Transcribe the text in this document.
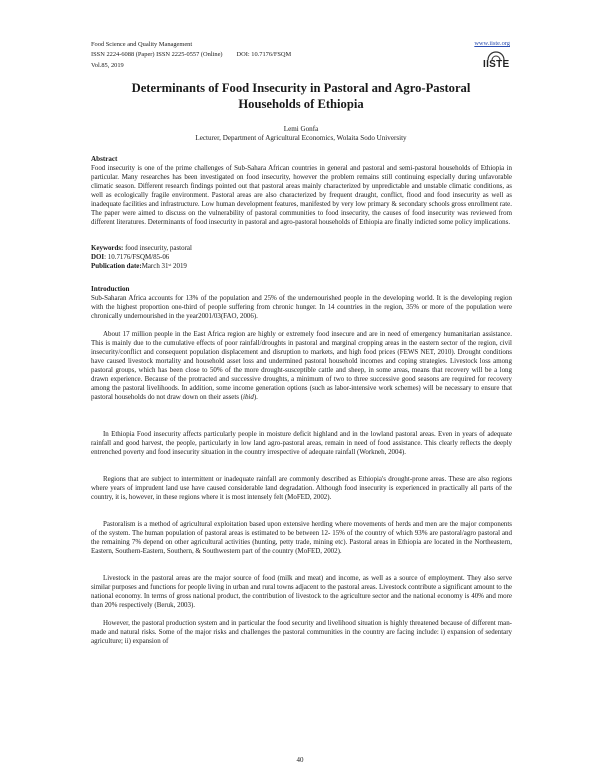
Food Science and Quality Management
ISSN 2224-6088 (Paper) ISSN 2225-0557 (Online) DOI: 10.7176/FSQM
Vol.85, 2019
www.iiste.org
IISTE
Determinants of Food Insecurity in Pastoral and Agro-Pastoral
Households of Ethiopia
Lemi Gonfa
Lecturer, Department of Agricultural Economics, Wolaita Sodo University
Abstract

Food insecurity is one of the prime challenges of Sub-Sahara African countries in general and pastoral and semi-pastoral households of Ethiopia in particular. Many researches has been investigated on food insecurity, however the problem remains still continuing especially during unfavorable climatic season. Different research findings pointed out that pastoral areas mainly characterized by unpredictable and unstable climatic conditions, as well as ecologically fragile environment. Pastoral areas are also characterized by frequent draught, conflict, flood and food insecurity as well as inadequate facilities and infrastructure. Low human development features, manifested by very low primary & secondary schools gross enrollment rate. The paper were aimed to discuss on the vulnerability of pastoral communities to food insecurity, the causes of food insecurity was reviewed from different literatures. Determinants of food insecurity in pastoral and agro-pastoral households of Ethiopia are finally indicted some policy implications.

Keywords: food insecurity, pastoral
DOI: 10.7176/FSQM/85-06
Publication date:March 31ˢᵗ 2019
Introduction

Sub-Saharan Africa accounts for 13% of the population and 25% of the undernourished people in the developing world. It is the developing region with the highest proportion one-third of people suffering from chronic hunger. In 14 countries in the region, 35% or more of the population were chronically undernourished in the year2001/03(FAO, 2006).

About 17 million people in the East Africa region are highly or extremely food insecure and are in need of emergency humanitarian assistance. This is mainly due to the cumulative effects of poor rainfall/droughts in pastoral and marginal cropping areas in the eastern sector of the region, civil insecurity/conflict and consequent population displacement and disruption to markets, and high food prices (FEWS NET, 2010). Drought conditions have caused livestock mortality and household asset loss and undermined pastoral household incomes and coping strategies. Livestock loss among pastoral groups, which has been close to 50% of the more drought-susceptible cattle and sheep, in some areas, means that recovery will be a long drawn experience. Because of the protracted and successive droughts, a minimum of two to three successive good seasons are required for recovery among the pastoral livelihoods. In addition, some income generation options (such as labor-intensive work schemes) will be necessary to ensure that pastoral households do not draw down on their assets (ibid).

In Ethiopia Food insecurity affects particularly people in moisture deficit highland and in the lowland pastoral areas. Even in years of adequate rainfall and good harvest, the people, particularly in low land agro-pastoral areas, remain in need of food assistance. This clearly reflects the deeply entrenched poverty and food insecurity situation in the country irrespective of adequate rainfall (Workneh, 2004).

Regions that are subject to intermittent or inadequate rainfall are commonly described as Ethiopia's drought-prone areas. These are also regions where years of imprudent land use have caused considerable land degradation. Although food insecurity is experienced in practically all parts of the country, it is, however, in these regions where it is most intensely felt (MoFED, 2002).

Pastoralism is a method of agricultural exploitation based upon extensive herding where movements of herds and men are the major components of the system. The human population of pastoral areas is estimated to be between 12- 15% of the country of which 93% are pastoral/agro pastoral and the remaining 7% depend on other agricultural activities (hunting, petty trade, mining etc). Pastoral areas in Ethiopia are located in the Northeastern, Eastern, Southern-Eastern, Southern, & Southwestern part of the country (MoFED, 2002).

Livestock in the pastoral areas are the major source of food (milk and meat) and income, as well as a source of employment. They also serve similar purposes and functions for people living in urban and rural towns adjacent to the pastoral areas. Livestock contribute a significant amount to the national economy. In terms of gross national product, the contribution of livestock to the agriculture sector and the national economy is 40% and more than 20% respectively (Beruk, 2003).

However, the pastoral production system and in particular the food security and livelihood situation is highly threatened because of different man-made and natural risks. Some of the major risks and challenges the pastoral communities in the country are facing include: i) expansion of sedentary agriculture; ii) expansion of

40
